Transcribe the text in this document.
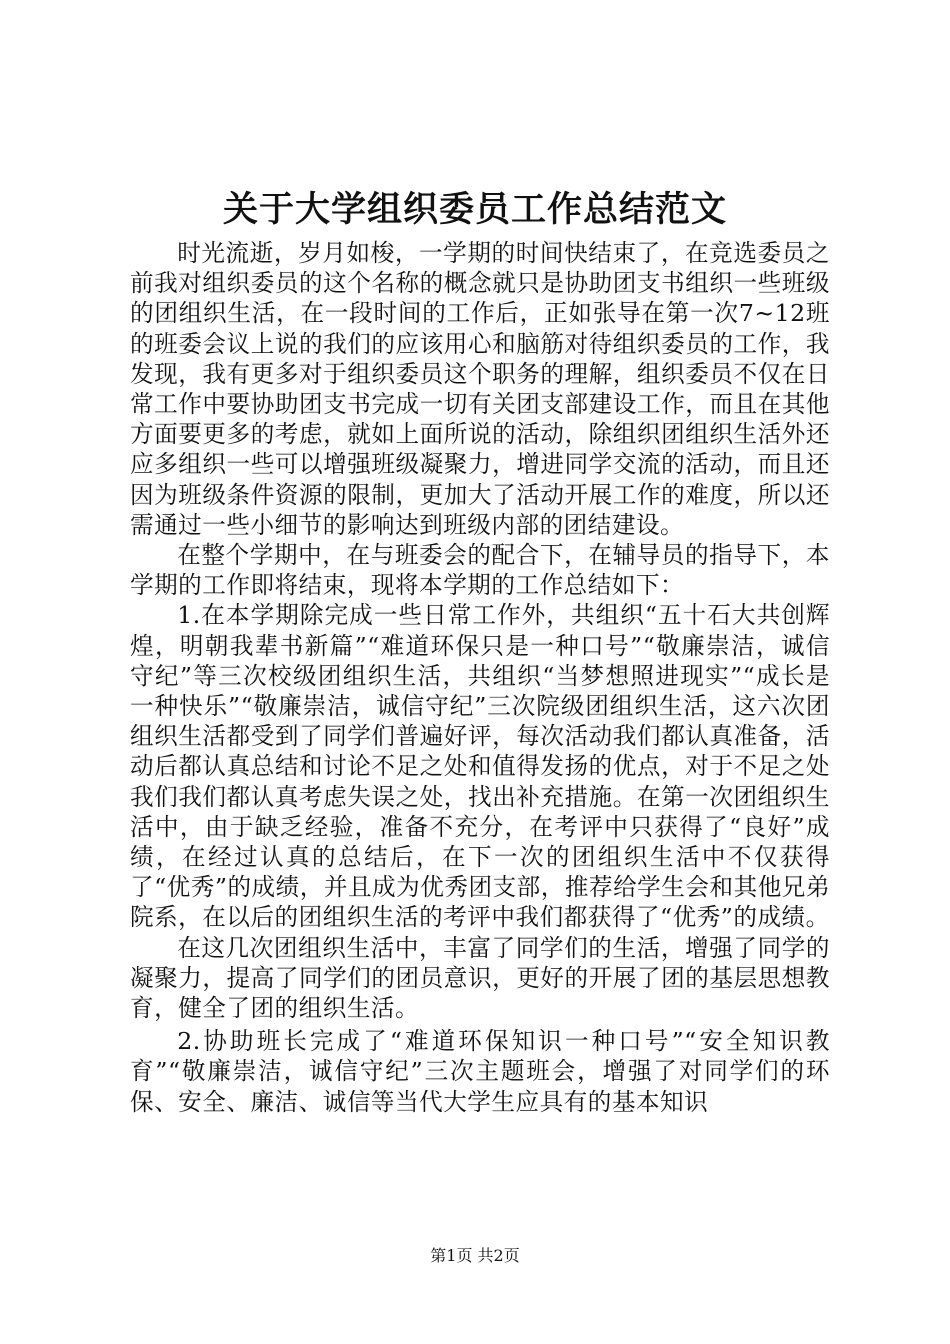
关于大学组织委员工作总结范文

时光流逝，岁月如梭，一学期的时间快结束了，在竞选委员之前我对组织委员的这个名称的概念就只是协助团支书组织一些班级的团组织生活，在一段时间的工作后，正如张导在第一次7~12班的班委会议上说的我们的应该用心和脑筋对待组织委员的工作，我发现，我有更多对于组织委员这个职务的理解，组织委员不仅在日常工作中要协助团支书完成一切有关团支部建设工作，而且在其他方面要更多的考虑，就如上面所说的活动，除组织团组织生活外还应多组织一些可以增强班级凝聚力，增进同学交流的活动，而且还因为班级条件资源的限制，更加大了活动开展工作的难度，所以还需通过一些小细节的影响达到班级内部的团结建设。

在整个学期中，在与班委会的配合下，在辅导员的指导下，本学期的工作即将结束，现将本学期的工作总结如下：

1.在本学期除完成一些日常工作外，共组织“五十石大共创辉煌，明朝我辈书新篇”“难道环保只是一种口号”“敬廉崇洁，诚信守纪”等三次校级团组织生活，共组织“当梦想照进现实”“成长是一种快乐”“敬廉崇洁，诚信守纪”三次院级团组织生活，这六次团组织生活都受到了同学们普遍好评，每次活动我们都认真准备，活动后都认真总结和讨论不足之处和值得发扬的优点，对于不足之处我们我们都认真考虑失误之处，找出补充措施。在第一次团组织生活中，由于缺乏经验，准备不充分，在考评中只获得了“良好”成绩，在经过认真的总结后，在下一次的团组织生活中不仅获得了“优秀”的成绩，并且成为优秀团支部，推荐给学生会和其他兄弟院系，在以后的团组织生活的考评中我们都获得了“优秀”的成绩。

在这几次团组织生活中，丰富了同学们的生活，增强了同学的凝聚力，提高了同学们的团员意识，更好的开展了团的基层思想教育，健全了团的组织生活。

2.协助班长完成了“难道环保知识一种口号”“安全知识教育”“敬廉崇洁，诚信守纪”三次主题班会，增强了对同学们的环保、安全、廉洁、诚信等当代大学生应具有的基本知识

第1页 共2页
